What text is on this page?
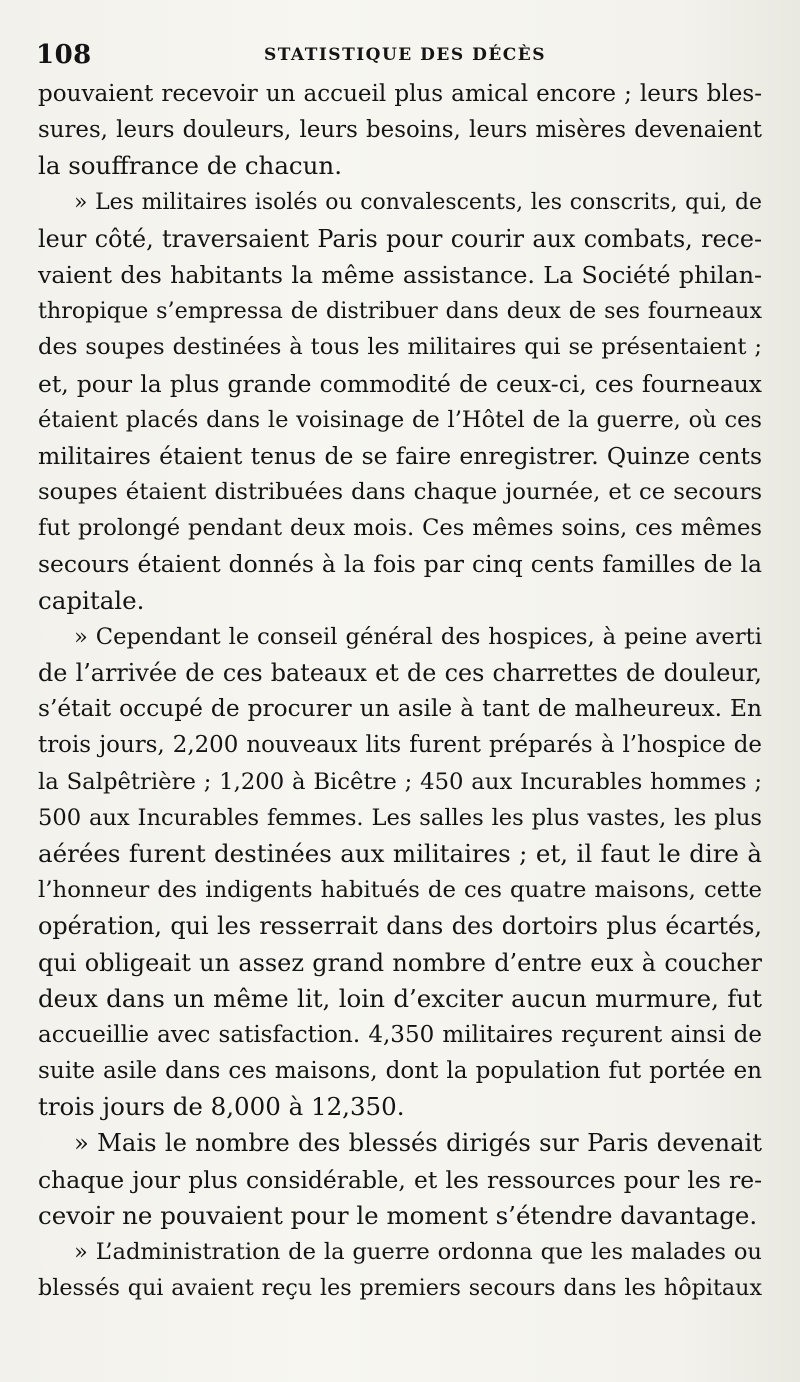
108	STATISTIQUE DES DÉCÈS
pouvaient recevoir un accueil plus amical encore ; leurs bles-
sures, leurs douleurs, leurs besoins, leurs misères devenaient
la souffrance de chacun.
» Les militaires isolés ou convalescents, les conscrits, qui, de
leur côté, traversaient Paris pour courir aux combats, rece-
vaient des habitants la même assistance. La Société philan-
thropique s’empressa de distribuer dans deux de ses fourneaux
des soupes destinées à tous les militaires qui se présentaient ;
et, pour la plus grande commodité de ceux-ci, ces fourneaux
étaient placés dans le voisinage de l’Hôtel de la guerre, où ces
militaires étaient tenus de se faire enregistrer. Quinze cents
soupes étaient distribuées dans chaque journée, et ce secours
fut prolongé pendant deux mois. Ces mêmes soins, ces mêmes
secours étaient donnés à la fois par cinq cents familles de la
capitale.
» Cependant le conseil général des hospices, à peine averti
de l’arrivée de ces bateaux et de ces charrettes de douleur,
s’était occupé de procurer un asile à tant de malheureux. En
trois jours, 2,200 nouveaux lits furent préparés à l’hospice de
la Salpêtrière ; 1,200 à Bicêtre ; 450 aux Incurables hommes ;
500 aux Incurables femmes. Les salles les plus vastes, les plus
aérées furent destinées aux militaires ; et, il faut le dire à
l’honneur des indigents habitués de ces quatre maisons, cette
opération, qui les resserrait dans des dortoirs plus écartés,
qui obligeait un assez grand nombre d’entre eux à coucher
deux dans un même lit, loin d’exciter aucun murmure, fut
accueillie avec satisfaction. 4,350 militaires reçurent ainsi de
suite asile dans ces maisons, dont la population fut portée en
trois jours de 8,000 à 12,350.
» Mais le nombre des blessés dirigés sur Paris devenait
chaque jour plus considérable, et les ressources pour les re-
cevoir ne pouvaient pour le moment s’étendre davantage.
» L’administration de la guerre ordonna que les malades ou
blessés qui avaient reçu les premiers secours dans les hôpitaux
